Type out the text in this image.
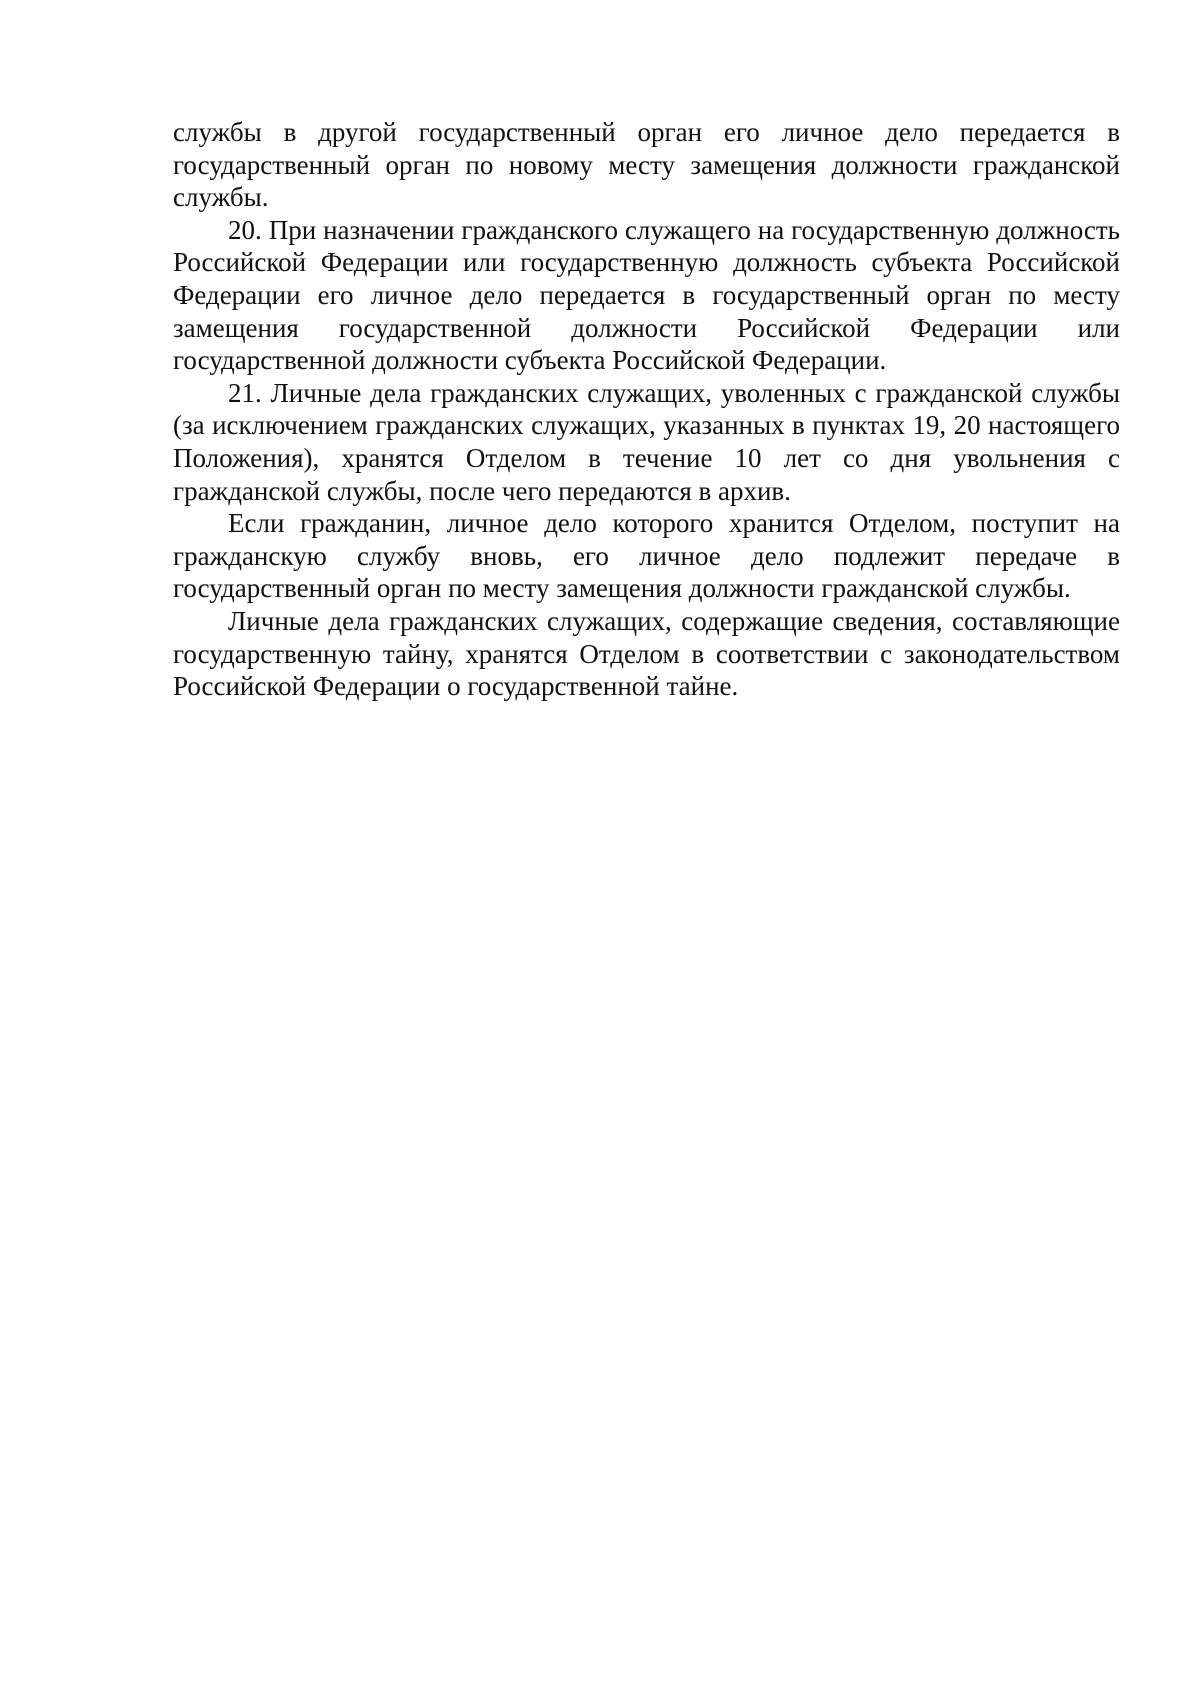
службы в другой государственный орган его личное дело передается в государственный орган по новому месту замещения должности гражданской службы.

20. При назначении гражданского служащего на государственную должность Российской Федерации или государственную должность субъекта Российской Федерации его личное дело передается в государственный орган по месту замещения государственной должности Российской Федерации или государственной должности субъекта Российской Федерации.

21. Личные дела гражданских служащих, уволенных с гражданской службы (за исключением гражданских служащих, указанных в пунктах 19, 20 настоящего Положения), хранятся Отделом в течение 10 лет со дня увольнения с гражданской службы, после чего передаются в архив.

Если гражданин, личное дело которого хранится Отделом, поступит на гражданскую службу вновь, его личное дело подлежит передаче в государственный орган по месту замещения должности гражданской службы.

Личные дела гражданских служащих, содержащие сведения, составляющие государственную тайну, хранятся Отделом в соответствии с законодательством Российской Федерации о государственной тайне.
